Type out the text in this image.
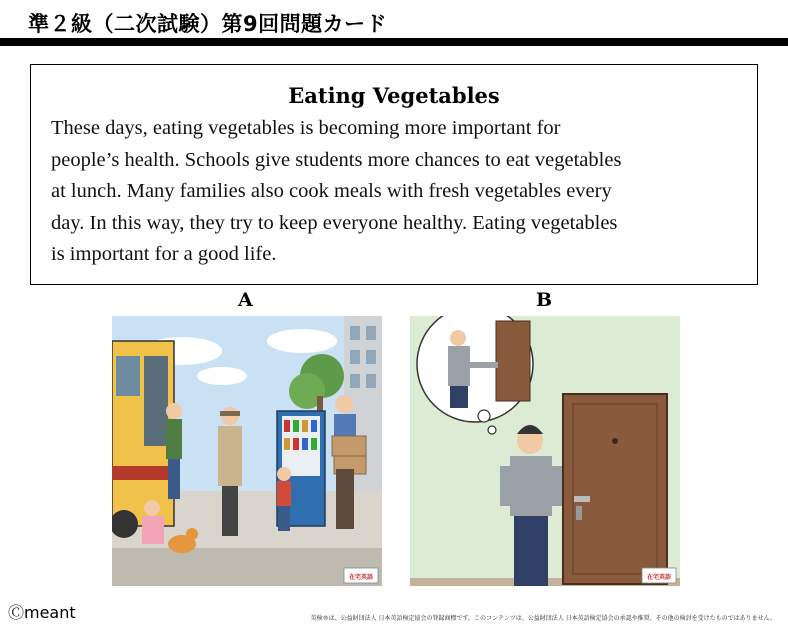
準２級（二次試験）第9回問題カード
Eating Vegetables
These days, eating vegetables is becoming more important for
people’s health. Schools give students more chances to eat vegetables
at lunch. Many families also cook meals with fresh vegetables every
day. In this way, they try to keep everyone healthy. Eating vegetables
is important for a good life.
A	B
在宅英語	在宅英語
Ⓒmeant	英検®は、公益財団法人 日本英語検定協会の登録商標です。このコンテンツは、公益財団法人 日本英語検定協会の承認や推奨、その他の検討を受けたものではありません。
